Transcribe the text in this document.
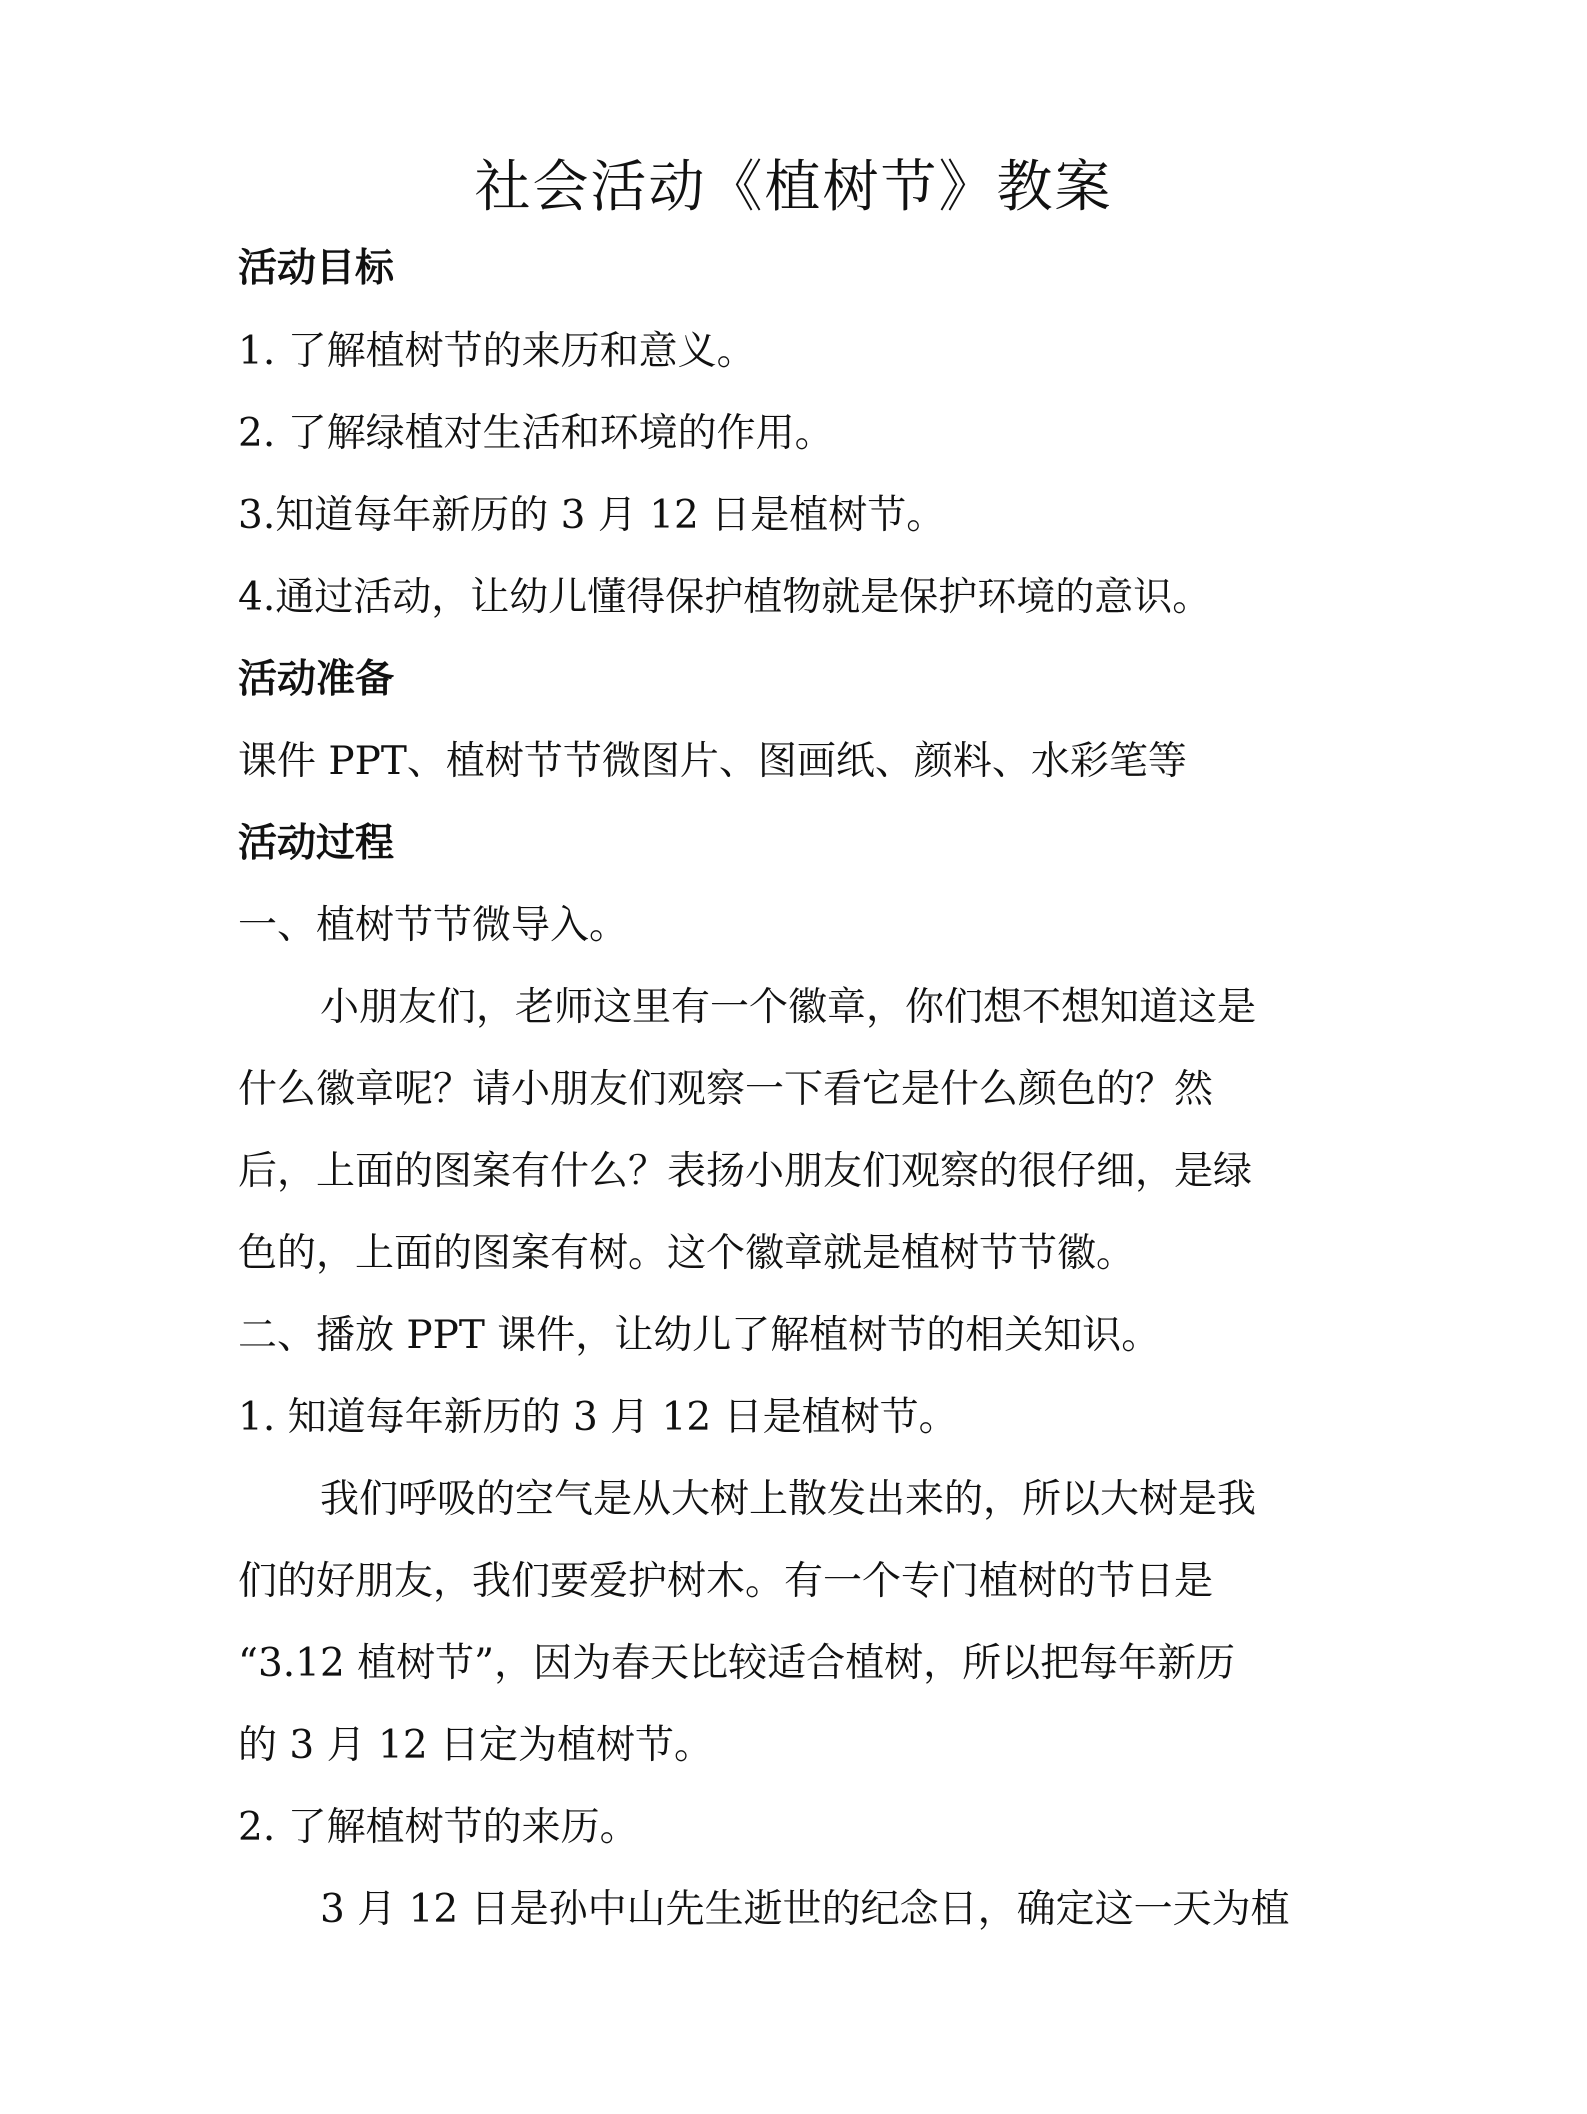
社会活动《植树节》教案
活动目标
1. 了解植树节的来历和意义。
2. 了解绿植对生活和环境的作用。
3.知道每年新历的 3 月 12 日是植树节。
4.通过活动，让幼儿懂得保护植物就是保护环境的意识。
活动准备
课件 PPT、植树节节微图片、图画纸、颜料、水彩笔等
活动过程
一、植树节节微导入。
小朋友们，老师这里有一个徽章，你们想不想知道这是
什么徽章呢？请小朋友们观察一下看它是什么颜色的？然
后，上面的图案有什么？表扬小朋友们观察的很仔细，是绿
色的，上面的图案有树。这个徽章就是植树节节徽。
二、播放 PPT 课件，让幼儿了解植树节的相关知识。
1. 知道每年新历的 3 月 12 日是植树节。
我们呼吸的空气是从大树上散发出来的，所以大树是我
们的好朋友，我们要爱护树木。有一个专门植树的节日是
“3.12 植树节”，因为春天比较适合植树，所以把每年新历
的 3 月 12 日定为植树节。
2. 了解植树节的来历。
3 月 12 日是孙中山先生逝世的纪念日，确定这一天为植
